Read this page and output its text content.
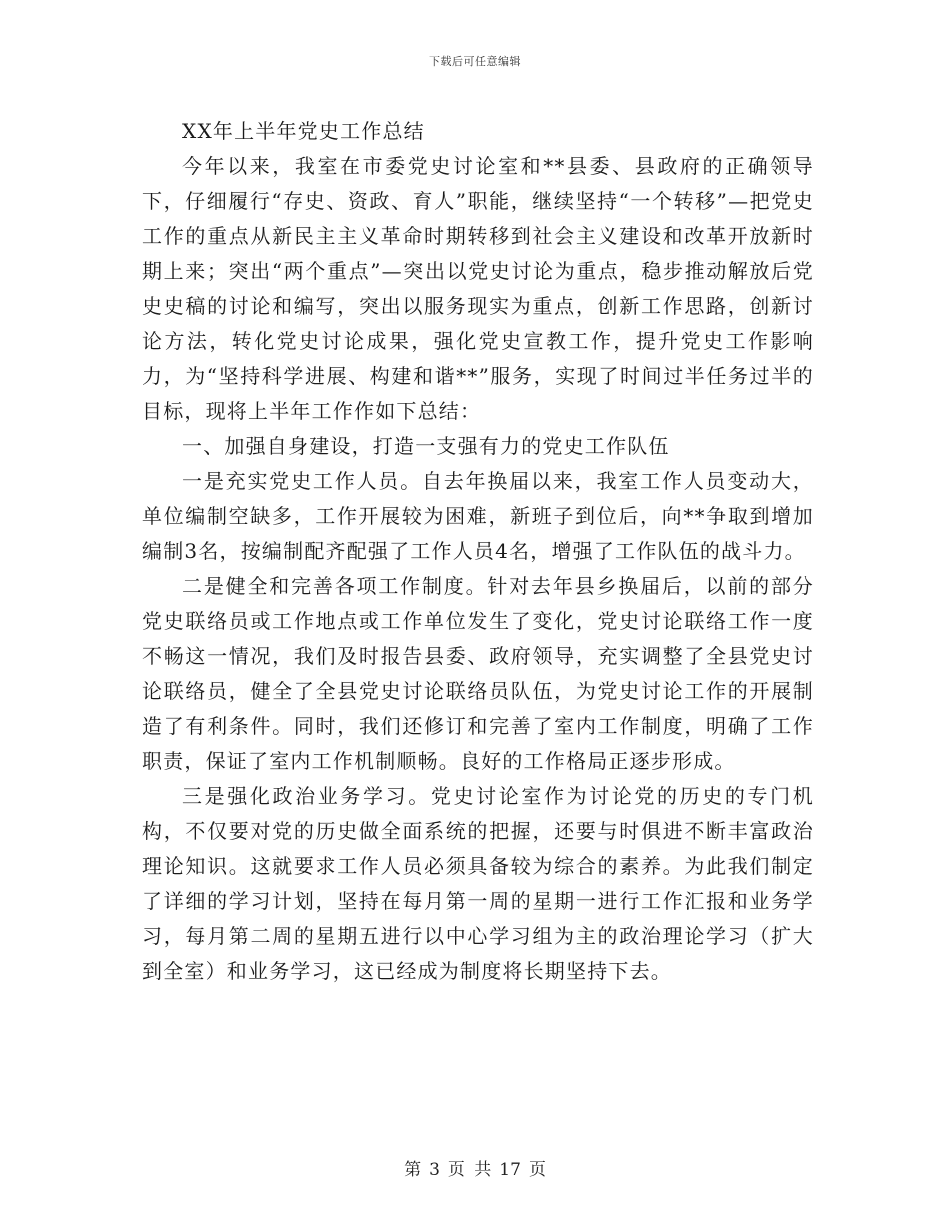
下载后可任意编辑

XX年上半年党史工作总结

今年以来，我室在市委党史讨论室和**县委、县政府的正确领导下，仔细履行“存史、资政、育人”职能，继续坚持“一个转移”—把党史工作的重点从新民主主义革命时期转移到社会主义建设和改革开放新时期上来；突出“两个重点”—突出以党史讨论为重点，稳步推动解放后党史史稿的讨论和编写，突出以服务现实为重点，创新工作思路，创新讨论方法，转化党史讨论成果，强化党史宣教工作，提升党史工作影响力，为“坚持科学进展、构建和谐**”服务，实现了时间过半任务过半的目标，现将上半年工作作如下总结：

一、加强自身建设，打造一支强有力的党史工作队伍

一是充实党史工作人员。自去年换届以来，我室工作人员变动大，单位编制空缺多，工作开展较为困难，新班子到位后，向**争取到增加编制3名，按编制配齐配强了工作人员4名，增强了工作队伍的战斗力。

二是健全和完善各项工作制度。针对去年县乡换届后，以前的部分党史联络员或工作地点或工作单位发生了变化，党史讨论联络工作一度不畅这一情况，我们及时报告县委、政府领导，充实调整了全县党史讨论联络员，健全了全县党史讨论联络员队伍，为党史讨论工作的开展制造了有利条件。同时，我们还修订和完善了室内工作制度，明确了工作职责，保证了室内工作机制顺畅。良好的工作格局正逐步形成。

三是强化政治业务学习。党史讨论室作为讨论党的历史的专门机构，不仅要对党的历史做全面系统的把握，还要与时俱进不断丰富政治理论知识。这就要求工作人员必须具备较为综合的素养。为此我们制定了详细的学习计划，坚持在每月第一周的星期一进行工作汇报和业务学习，每月第二周的星期五进行以中心学习组为主的政治理论学习（扩大到全室）和业务学习，这已经成为制度将长期坚持下去。

第 3 页 共 17 页
